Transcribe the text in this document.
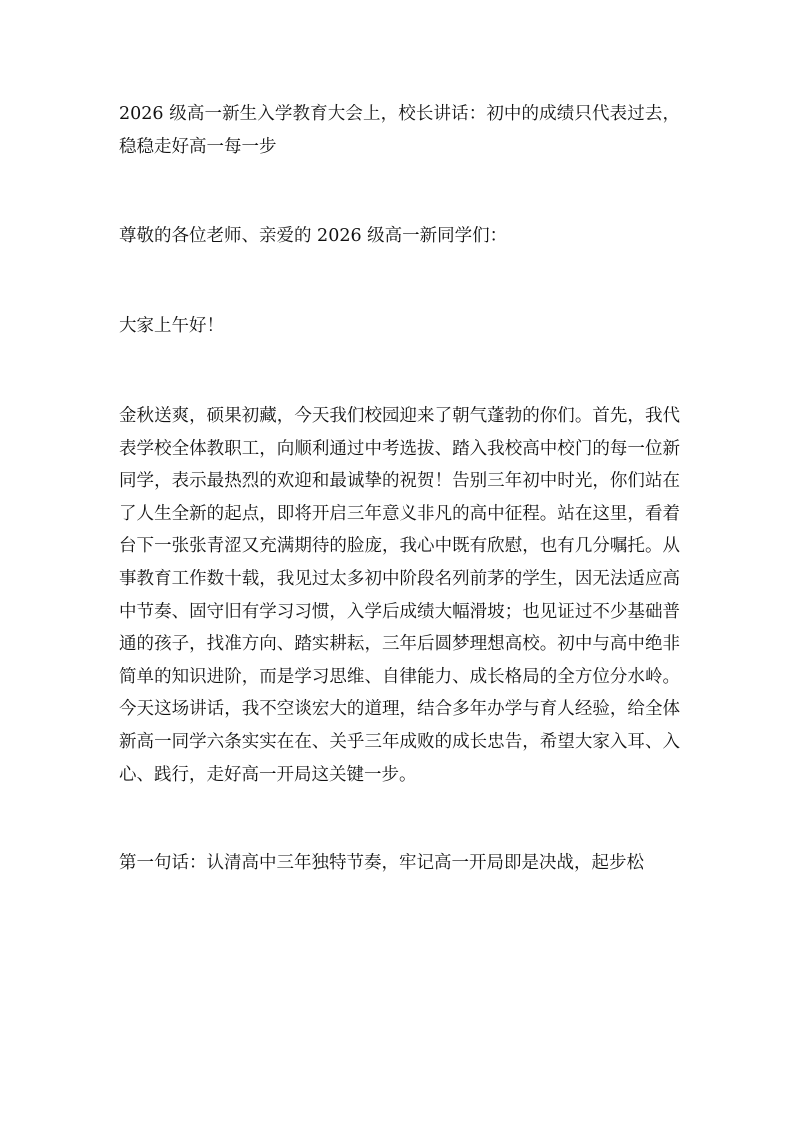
2026 级高一新生入学教育大会上，校长讲话：初中的成绩只代表过去，稳稳走好高一每一步

尊敬的各位老师、亲爱的 2026 级高一新同学们：

大家上午好！

金秋送爽，硕果初藏，今天我们校园迎来了朝气蓬勃的你们。首先，我代表学校全体教职工，向顺利通过中考选拔、踏入我校高中校门的每一位新同学，表示最热烈的欢迎和最诚挚的祝贺！告别三年初中时光，你们站在了人生全新的起点，即将开启三年意义非凡的高中征程。站在这里，看着台下一张张青涩又充满期待的脸庞，我心中既有欣慰，也有几分嘱托。从事教育工作数十载，我见过太多初中阶段名列前茅的学生，因无法适应高中节奏、固守旧有学习习惯，入学后成绩大幅滑坡；也见证过不少基础普通的孩子，找准方向、踏实耕耘，三年后圆梦理想高校。初中与高中绝非简单的知识进阶，而是学习思维、自律能力、成长格局的全方位分水岭。今天这场讲话，我不空谈宏大的道理，结合多年办学与育人经验，给全体新高一同学六条实实在在、关乎三年成败的成长忠告，希望大家入耳、入心、践行，走好高一开局这关键一步。

第一句话：认清高中三年独特节奏，牢记高一开局即是决战，起步松
